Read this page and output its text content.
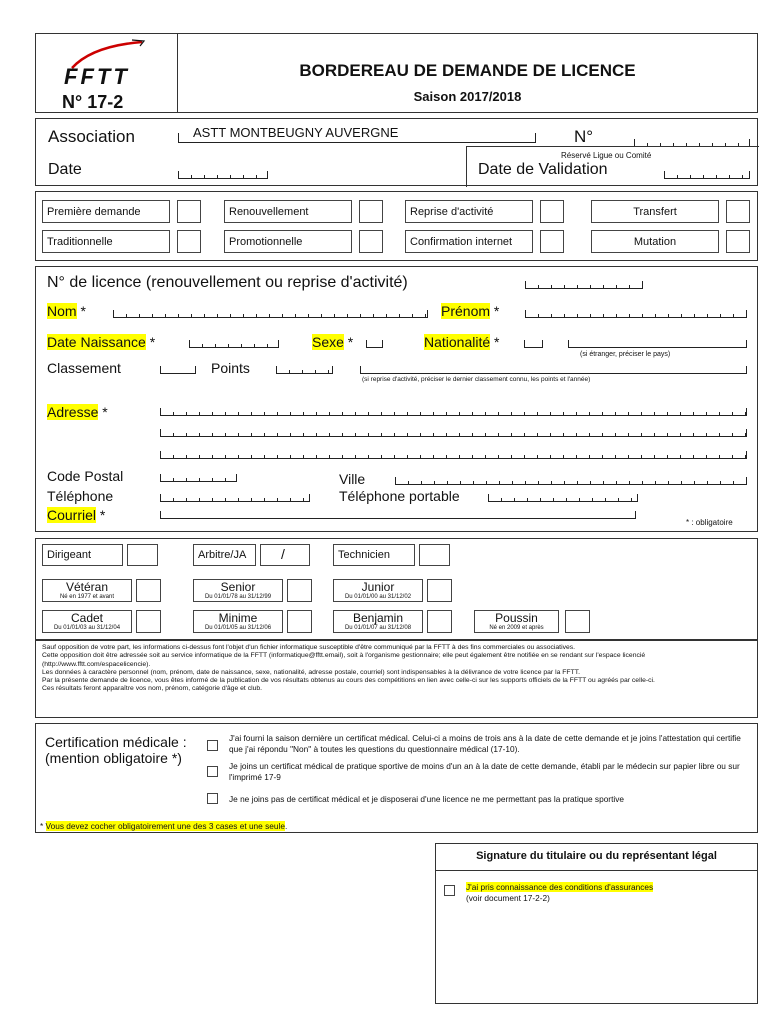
FFTT
N° 17-2
BORDEREAU DE DEMANDE DE LICENCE
Saison 2017/2018
Association	ASTT MONTBEUGNY AUVERGNE	N°
Date
Réservé Ligue ou Comité
Date de Validation
Première demande	Renouvellement	Reprise d'activité	Transfert
Traditionnelle	Promotionnelle	Confirmation internet	Mutation
N° de licence (renouvellement ou reprise d'activité)
Nom *	Prénom *
Date Naissance *	Sexe *	Nationalité *
(si étranger, préciser le pays)
Classement	Points
(si reprise d'activité, préciser le dernier classement connu, les points et l'année)
Adresse *
Code Postal	Ville
Téléphone	Téléphone portable
Courriel *	* : obligatoire
Dirigeant	Arbitre/JA	/	Technicien
Vétéran
Né en 1977 et avant
Senior
Du 01/01/78 au 31/12/99
Junior
Du 01/01/00 au 31/12/02
Cadet
Du 01/01/03 au 31/12/04
Minime
Du 01/01/05 au 31/12/06
Benjamin
Du 01/01/07 au 31/12/08
Poussin
Né en 2009 et après
Sauf opposition de votre part, les informations ci-dessus font l'objet d'un fichier informatique susceptible d'être communiqué par la FFTT à des fins commerciales ou associatives.
Cette opposition doit être adressée soit au service informatique de la FFTT (informatique@fftt.email), soit à l'organisme gestionnaire; elle peut également être notifiée en se rendant sur l'espace licencié (http://www.fftt.com/espacelicencie).
Les données à caractère personnel (nom, prénom, date de naissance, sexe, nationalité, adresse postale, courriel) sont indispensables à la délivrance de votre licence par la FFTT.
Par la présente demande de licence, vous êtes informé de la publication de vos résultats obtenus au cours des compétitions en lien avec celle-ci sur les supports officiels de la FFTT ou agréés par celle-ci.
Ces résultats feront apparaître vos nom, prénom, catégorie d'âge et club.
Certification médicale :
(mention obligatoire *)
J'ai fourni la saison dernière un certificat médical. Celui-ci a moins de trois ans à la date de cette demande et je joins l'attestation qui certifie que j'ai répondu "Non" à toutes les questions du questionnaire médical (17-10).
Je joins un certificat médical de pratique sportive de moins d'un an à la date de cette demande, établi par le médecin sur papier libre ou sur l'imprimé 17-9
Je ne joins pas de certificat médical et je disposerai d'une licence ne me permettant pas la pratique sportive
* Vous devez cocher obligatoirement une des 3 cases et une seule.
Signature du titulaire ou du représentant légal
J'ai pris connaissance des conditions d'assurances
(voir document 17-2-2)
